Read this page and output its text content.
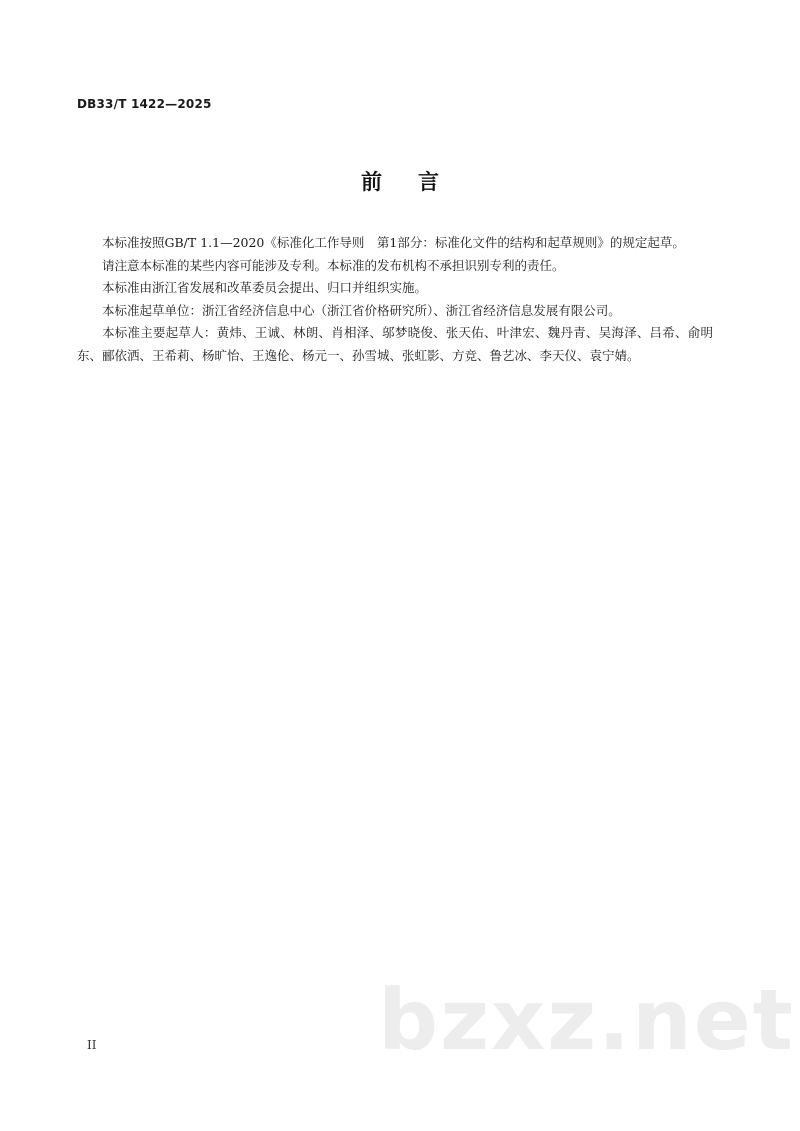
DB33/T 1422—2025
前言

本标准按照GB/T 1.1—2020《标准化工作导则　第1部分：标准化文件的结构和起草规则》的规定起草。

请注意本标准的某些内容可能涉及专利。本标准的发布机构不承担识别专利的责任。

本标准由浙江省发展和改革委员会提出、归口并组织实施。

本标准起草单位：浙江省经济信息中心（浙江省价格研究所）、浙江省经济信息发展有限公司。

本标准主要起草人：黄炜、王诚、林朗、肖相泽、邬梦晓俊、张天佑、叶津宏、魏丹青、吴海泽、吕希、俞明东、郦依洒、王希莉、杨旷怡、王逸伦、杨元一、孙雪城、张虹影、方竞、鲁艺冰、李天仪、袁宁婧。

bzxz.net
II
